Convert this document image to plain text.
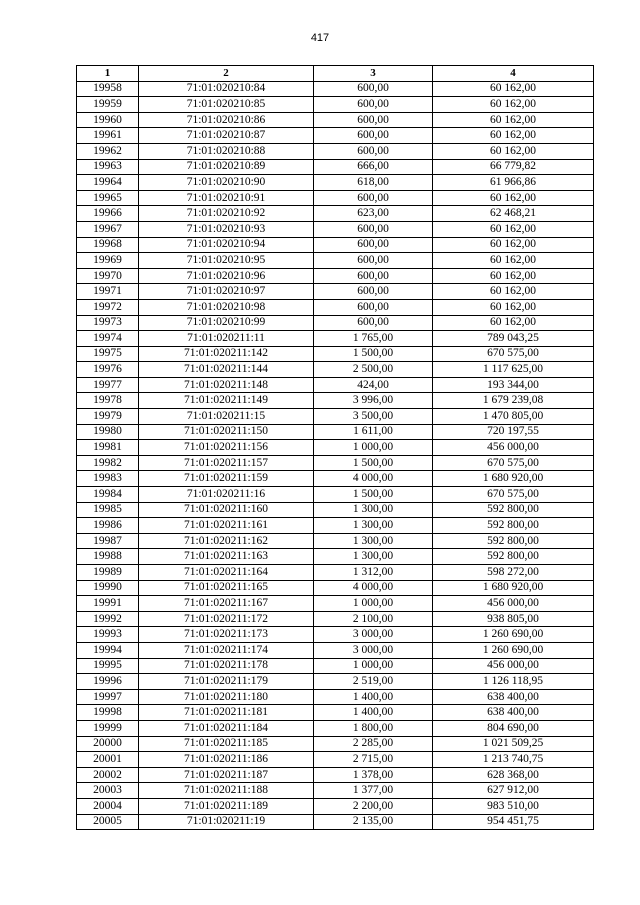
417
1	2	3	4
19958	71:01:020210:84	600,00	60 162,00
19959	71:01:020210:85	600,00	60 162,00
19960	71:01:020210:86	600,00	60 162,00
19961	71:01:020210:87	600,00	60 162,00
19962	71:01:020210:88	600,00	60 162,00
19963	71:01:020210:89	666,00	66 779,82
19964	71:01:020210:90	618,00	61 966,86
19965	71:01:020210:91	600,00	60 162,00
19966	71:01:020210:92	623,00	62 468,21
19967	71:01:020210:93	600,00	60 162,00
19968	71:01:020210:94	600,00	60 162,00
19969	71:01:020210:95	600,00	60 162,00
19970	71:01:020210:96	600,00	60 162,00
19971	71:01:020210:97	600,00	60 162,00
19972	71:01:020210:98	600,00	60 162,00
19973	71:01:020210:99	600,00	60 162,00
19974	71:01:020211:11	1 765,00	789 043,25
19975	71:01:020211:142	1 500,00	670 575,00
19976	71:01:020211:144	2 500,00	1 117 625,00
19977	71:01:020211:148	424,00	193 344,00
19978	71:01:020211:149	3 996,00	1 679 239,08
19979	71:01:020211:15	3 500,00	1 470 805,00
19980	71:01:020211:150	1 611,00	720 197,55
19981	71:01:020211:156	1 000,00	456 000,00
19982	71:01:020211:157	1 500,00	670 575,00
19983	71:01:020211:159	4 000,00	1 680 920,00
19984	71:01:020211:16	1 500,00	670 575,00
19985	71:01:020211:160	1 300,00	592 800,00
19986	71:01:020211:161	1 300,00	592 800,00
19987	71:01:020211:162	1 300,00	592 800,00
19988	71:01:020211:163	1 300,00	592 800,00
19989	71:01:020211:164	1 312,00	598 272,00
19990	71:01:020211:165	4 000,00	1 680 920,00
19991	71:01:020211:167	1 000,00	456 000,00
19992	71:01:020211:172	2 100,00	938 805,00
19993	71:01:020211:173	3 000,00	1 260 690,00
19994	71:01:020211:174	3 000,00	1 260 690,00
19995	71:01:020211:178	1 000,00	456 000,00
19996	71:01:020211:179	2 519,00	1 126 118,95
19997	71:01:020211:180	1 400,00	638 400,00
19998	71:01:020211:181	1 400,00	638 400,00
19999	71:01:020211:184	1 800,00	804 690,00
20000	71:01:020211:185	2 285,00	1 021 509,25
20001	71:01:020211:186	2 715,00	1 213 740,75
20002	71:01:020211:187	1 378,00	628 368,00
20003	71:01:020211:188	1 377,00	627 912,00
20004	71:01:020211:189	2 200,00	983 510,00
20005	71:01:020211:19	2 135,00	954 451,75
